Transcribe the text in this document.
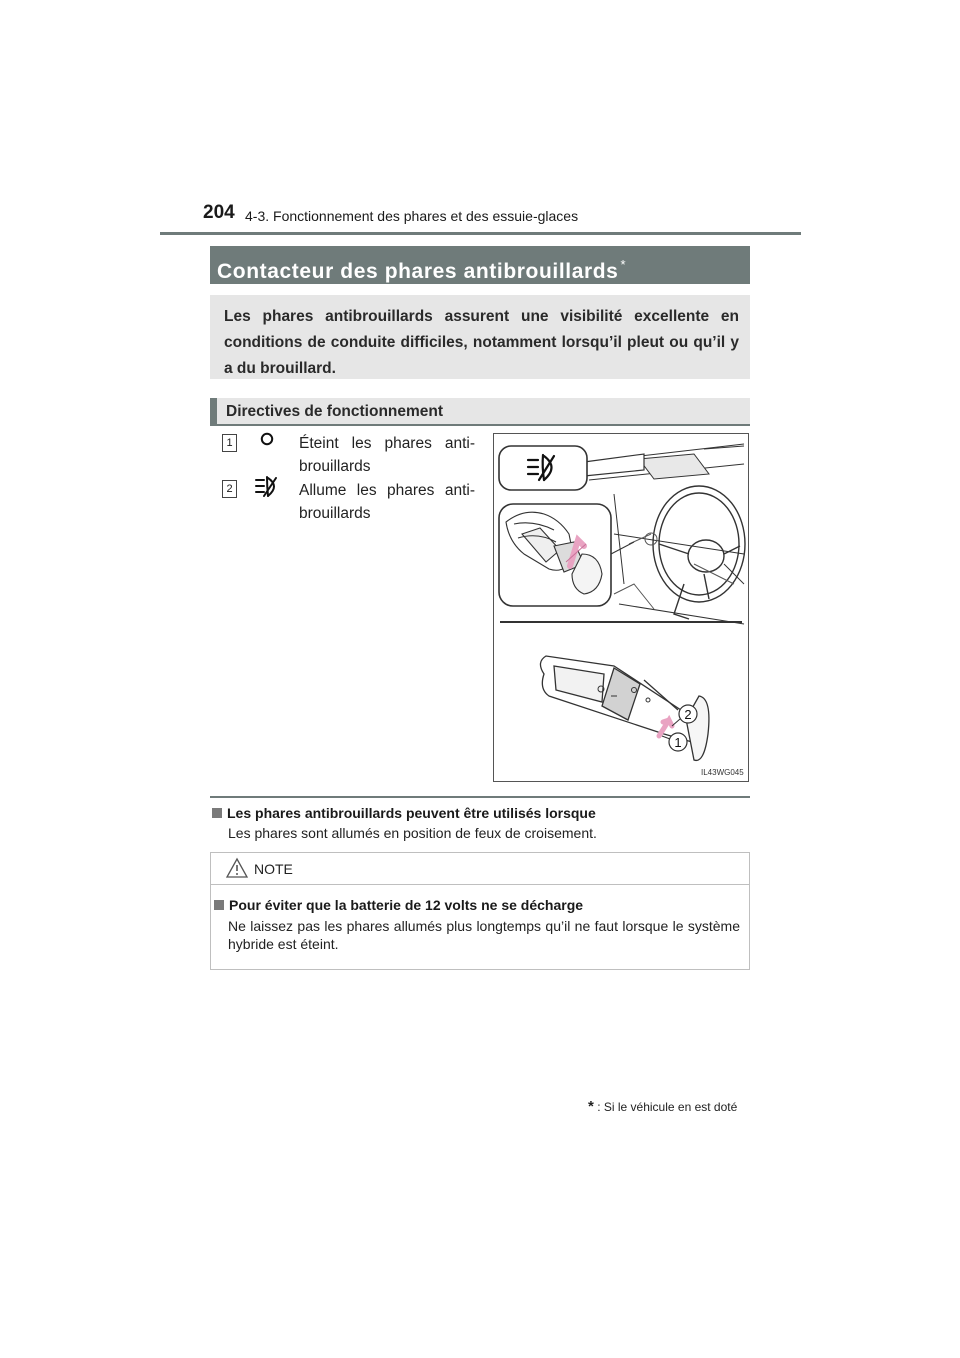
204 4-3. Fonctionnement des phares et des essuie-glaces
Contacteur des phares antibrouillards *

Les phares antibrouillards assurent une visibilité excellente en conditions de conduite difficiles, notamment lorsqu’il pleut ou qu’il y a du brouillard.

Directives de fonctionnement
1	Éteint les phares anti-
brouillards
2	Allume les phares anti-
brouillards
2
1
IL43WG045
Les phares antibrouillards peuvent être utilisés lorsque
Les phares sont allumés en position de feux de croisement.
NOTE
Pour éviter que la batterie de 12 volts ne se décharge

Ne laissez pas les phares allumés plus longtemps qu’il ne faut lorsque le système hybride est éteint.

* : Si le véhicule en est doté
